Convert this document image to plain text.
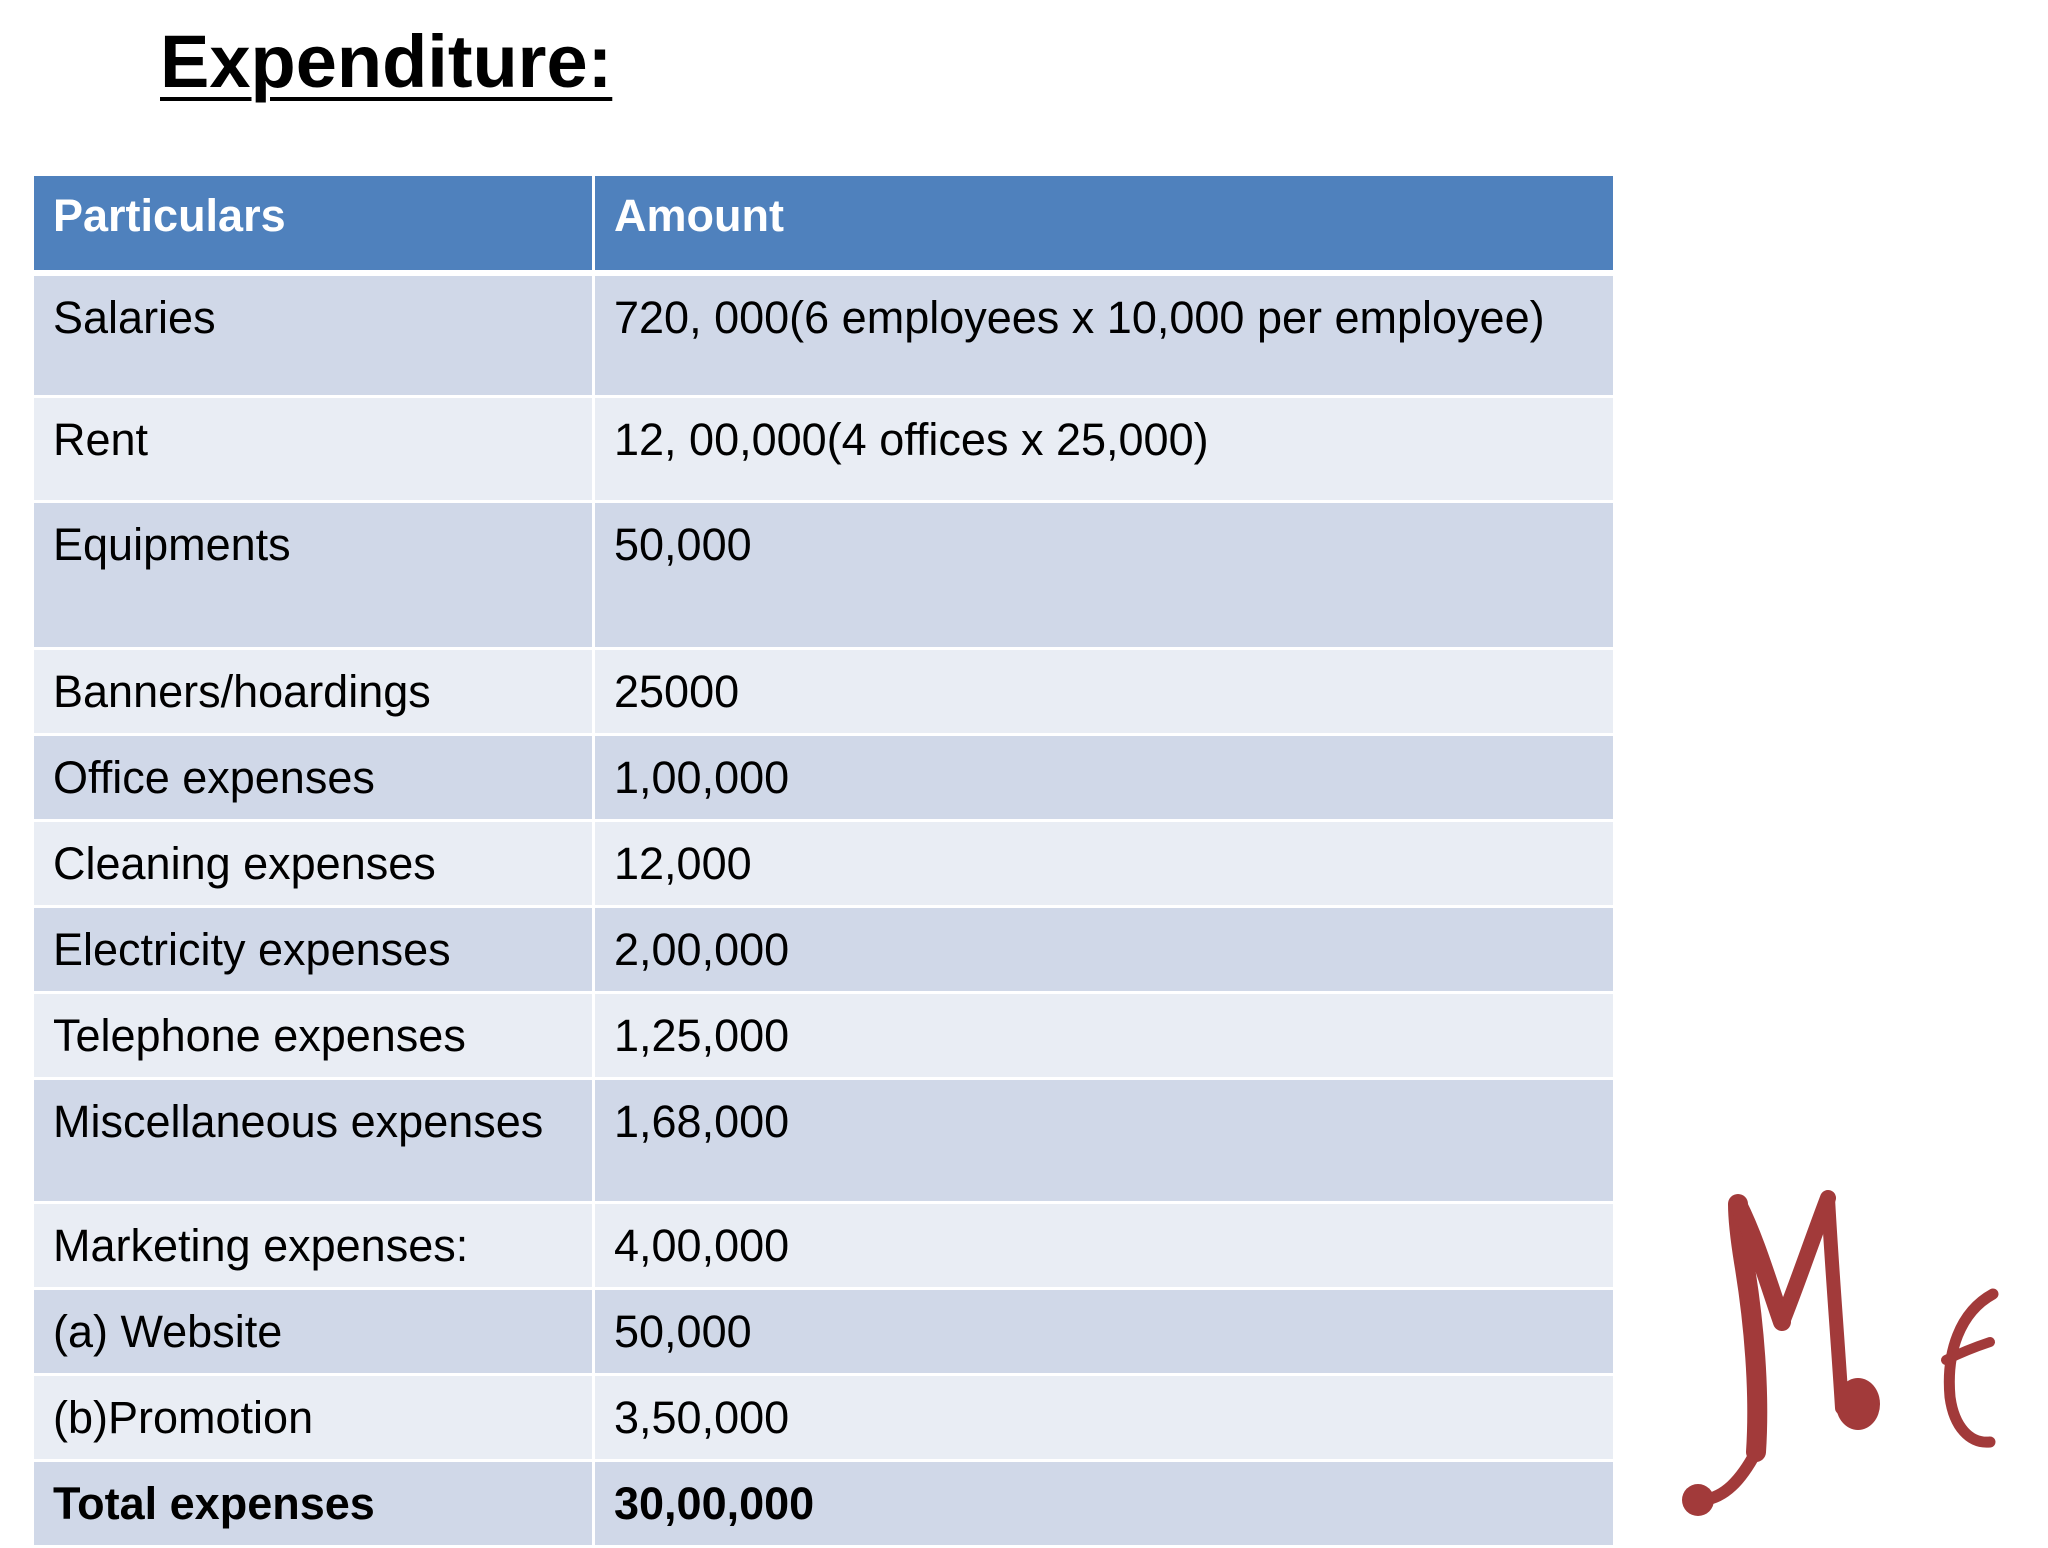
Expenditure:
Particulars	Amount
Salaries	720, 000(6 employees x 10,000 per employee)
Rent	12, 00,000(4 offices x 25,000)
Equipments	50,000
Banners/hoardings	25000
Office expenses	1,00,000
Cleaning expenses	12,000
Electricity expenses	2,00,000
Telephone expenses	1,25,000
Miscellaneous expenses	1,68,000
Marketing expenses:	4,00,000
(a) Website	50,000
(b)Promotion	3,50,000
Total expenses	30,00,000
